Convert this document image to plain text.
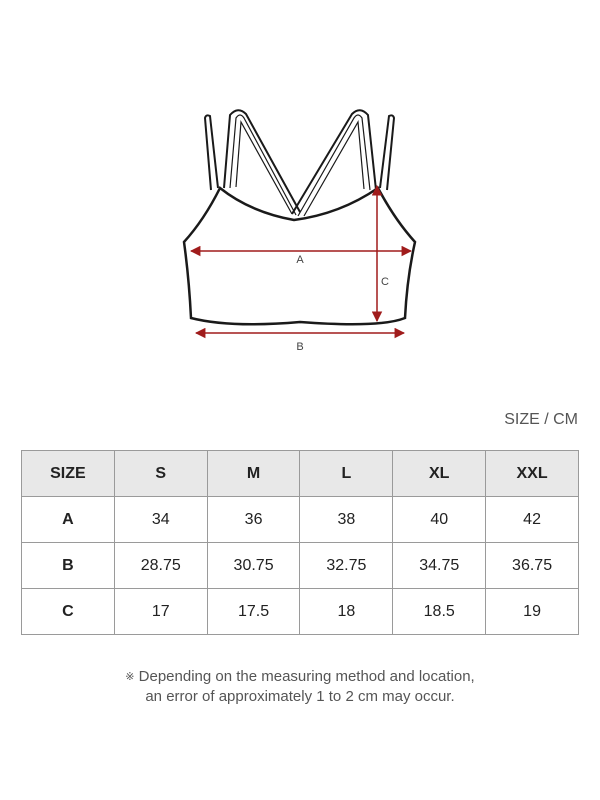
A
B
C
SIZE / CM
SIZE	S	M	L	XL	XXL
A	34	36	38	40	42
B	28.75	30.75	32.75	34.75	36.75
C	17	17.5	18	18.5	19
※ Depending on the measuring method and location,
an error of approximately 1 to 2 cm may occur.
